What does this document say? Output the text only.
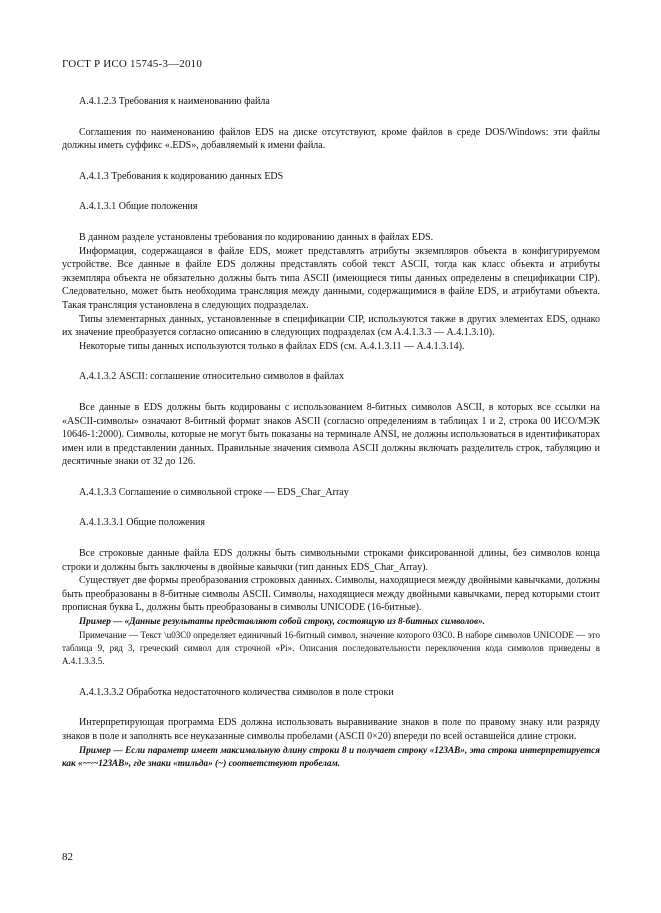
ГОСТ Р ИСО 15745-3—2010
А.4.1.2.3 Требования к наименованию файла

Соглашения по наименованию файлов EDS на диске отсутствуют, кроме файлов в среде DOS/Windows: эти файлы должны иметь суффикс «.EDS», добавляемый к имени файла.

А.4.1.3 Требования к кодированию данных EDS
А.4.1.3.1 Общие положения

В данном разделе установлены требования по кодированию данных в файлах EDS.

Информация, содержащаяся в файле EDS, может представлять атрибуты экземпляров объекта в конфигурируемом устройстве. Все данные в файле EDS должны представлять собой текст ASCII, тогда как класс объекта и атрибуты экземпляра объекта не обязательно должны быть типа ASCII (имеющиеся типы данных определены в спецификации CIP). Следовательно, может быть необходима трансляция между данными, содержащимися в файле EDS, и атрибутами объекта. Такая трансляция установлена в следующих подразделах.

Типы элементарных данных, установленные в спецификации CIP, используются также в других элементах EDS, однако их значение преобразуется согласно описанию в следующих подразделах (см А.4.1.3.3 — А.4.1.3.10).

Некоторые типы данных используются только в файлах EDS (см. А.4.1.3.11 — А.4.1.3.14).

А.4.1.3.2 ASCII: соглашение относительно символов в файлах

Все данные в EDS должны быть кодированы с использованием 8-битных символов ASCII, в которых все ссылки на «ASCII-символы» означают 8-битный формат знаков ASCII (согласно определениям в таблицах 1 и 2, строка 00 ИСО/МЭК 10646-1:2000). Символы, которые не могут быть показаны на терминале ANSI, не должны использоваться в идентификаторах имен или в представлении данных. Правильные значения символа ASCII должны включать разделитель строк, табуляцию и десятичные знаки от 32 до 126.

А.4.1.3.3 Соглашение о символьной строке — EDS_Char_Array
А.4.1.3.3.1 Общие положения

Все строковые данные файла EDS должны быть символьными строками фиксированной длины, без символов конца строки и должны быть заключены в двойные кавычки (тип данных EDS_Char_Array).

Существует две формы преобразования строковых данных. Символы, находящиеся между двойными кавычками, должны быть преобразованы в 8-битные символы ASCII. Символы, находящиеся между двойными кавычками, перед которыми стоит прописная буква L, должны быть преобразованы в символы UNICODE (16-битные).

Пример — «Данные результаты представляют собой строку, состоящую из 8-битных символов».

Примечание — Текст \u03C0 определяет единичный 16-битный символ, значение которого 03C0. В наборе символов UNICODE — это таблица 9, ряд 3, греческий символ для строчной «Pi». Описания последовательности переключения кода символов приведены в А.4.1.3.3.5.

А.4.1.3.3.2 Обработка недостаточного количества символов в поле строки

Интерпретирующая программа EDS должна использовать выравнивание знаков в поле по правому знаку или разряду знаков в поле и заполнять все неуказанные символы пробелами (ASCII 0×20) впереди по всей оставшейся длине строки.

Пример — Если параметр имеет максимальную длину строки 8 и получает строку «123AB», эта строка интерпретируется как «~~~123AB», где знаки «тильда» (~) соответствуют пробелам.

82
